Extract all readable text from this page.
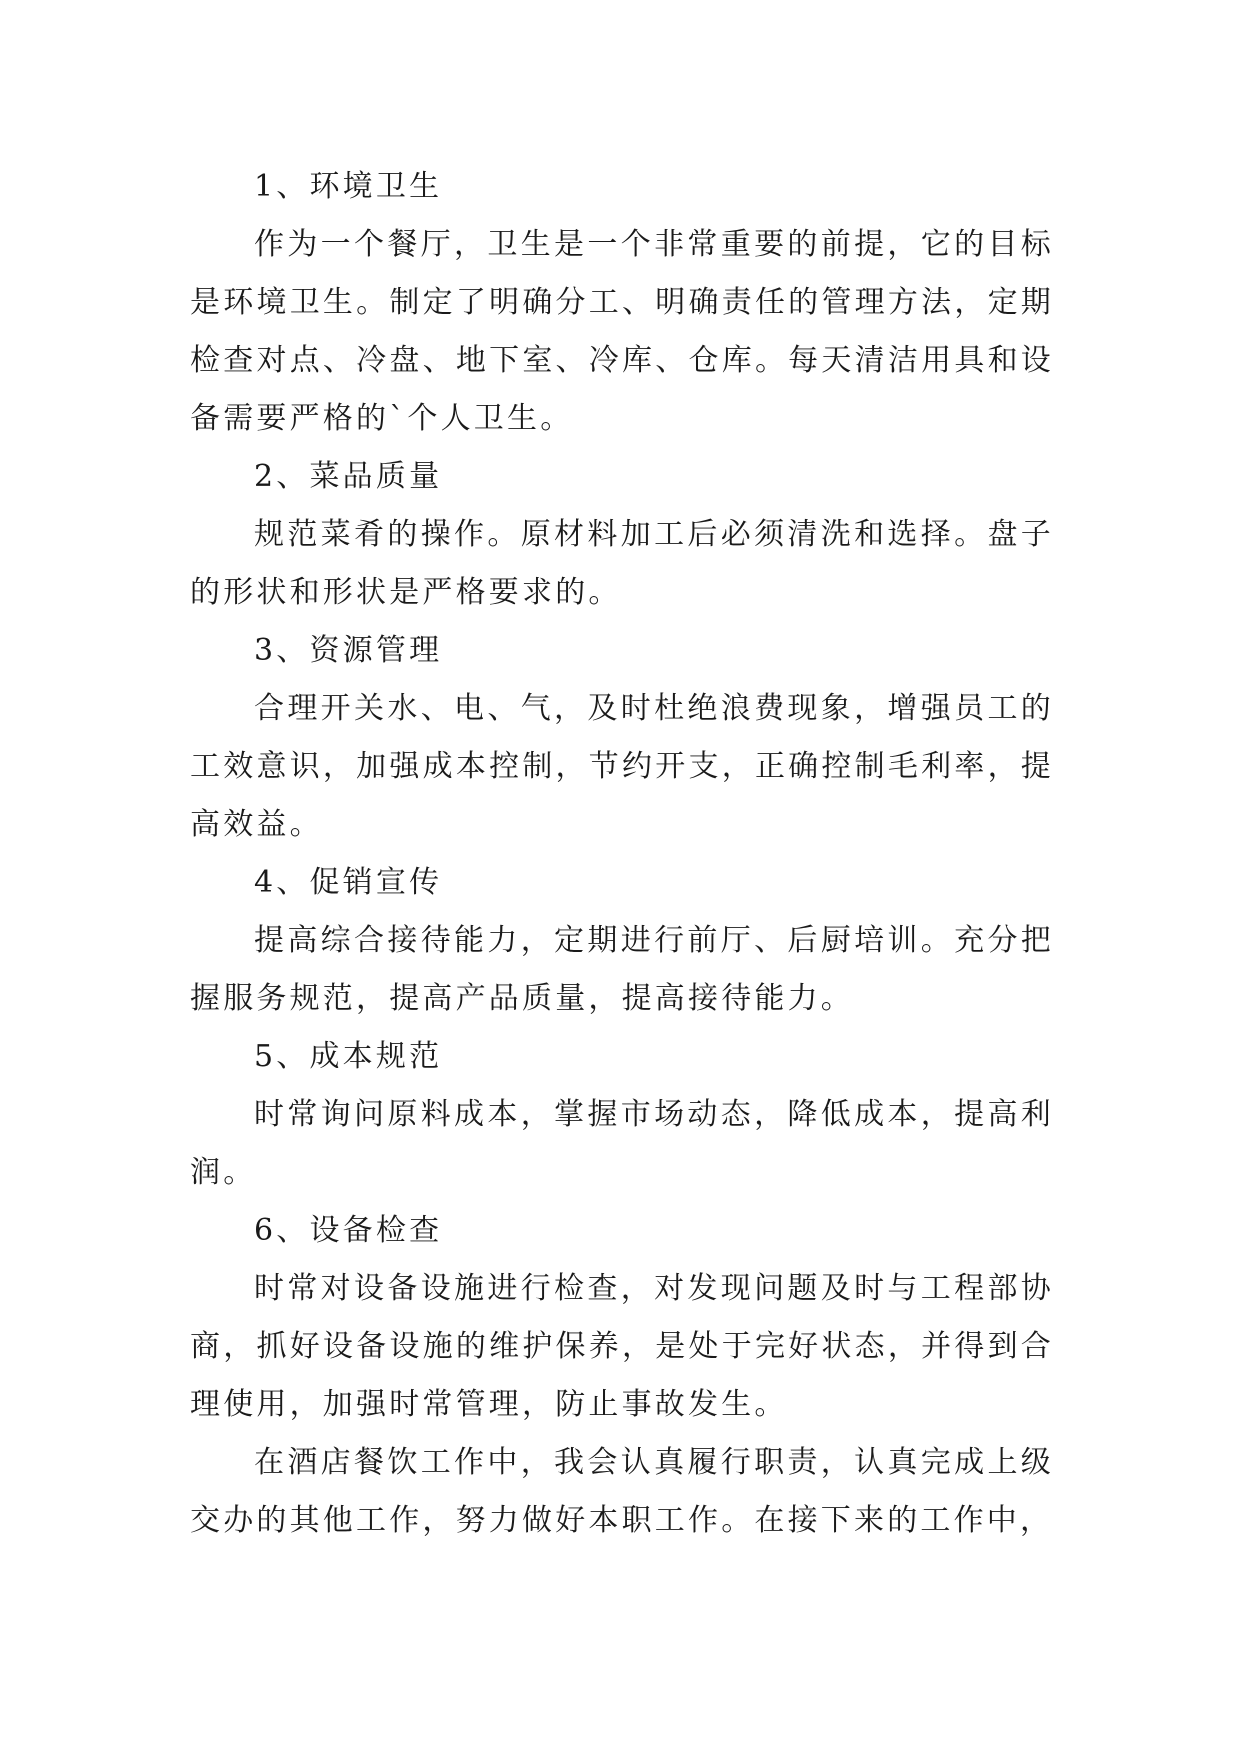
1、环境卫生

作为一个餐厅，卫生是一个非常重要的前提，它的目标是环境卫生。制定了明确分工、明确责任的管理方法，定期检查对点、冷盘、地下室、冷库、仓库。每天清洁用具和设备需要严格的`个人卫生。

2、菜品质量

规范菜肴的操作。原材料加工后必须清洗和选择。盘子的形状和形状是严格要求的。

3、资源管理

合理开关水、电、气，及时杜绝浪费现象，增强员工的工效意识，加强成本控制，节约开支，正确控制毛利率，提高效益。

4、促销宣传

提高综合接待能力，定期进行前厅、后厨培训。充分把握服务规范，提高产品质量，提高接待能力。

5、成本规范

时常询问原料成本，掌握市场动态，降低成本，提高利润。

6、设备检查

时常对设备设施进行检查，对发现问题及时与工程部协商，抓好设备设施的维护保养，是处于完好状态，并得到合理使用，加强时常管理，防止事故发生。

在酒店餐饮工作中，我会认真履行职责，认真完成上级交办的其他工作，努力做好本职工作。在接下来的工作中，
